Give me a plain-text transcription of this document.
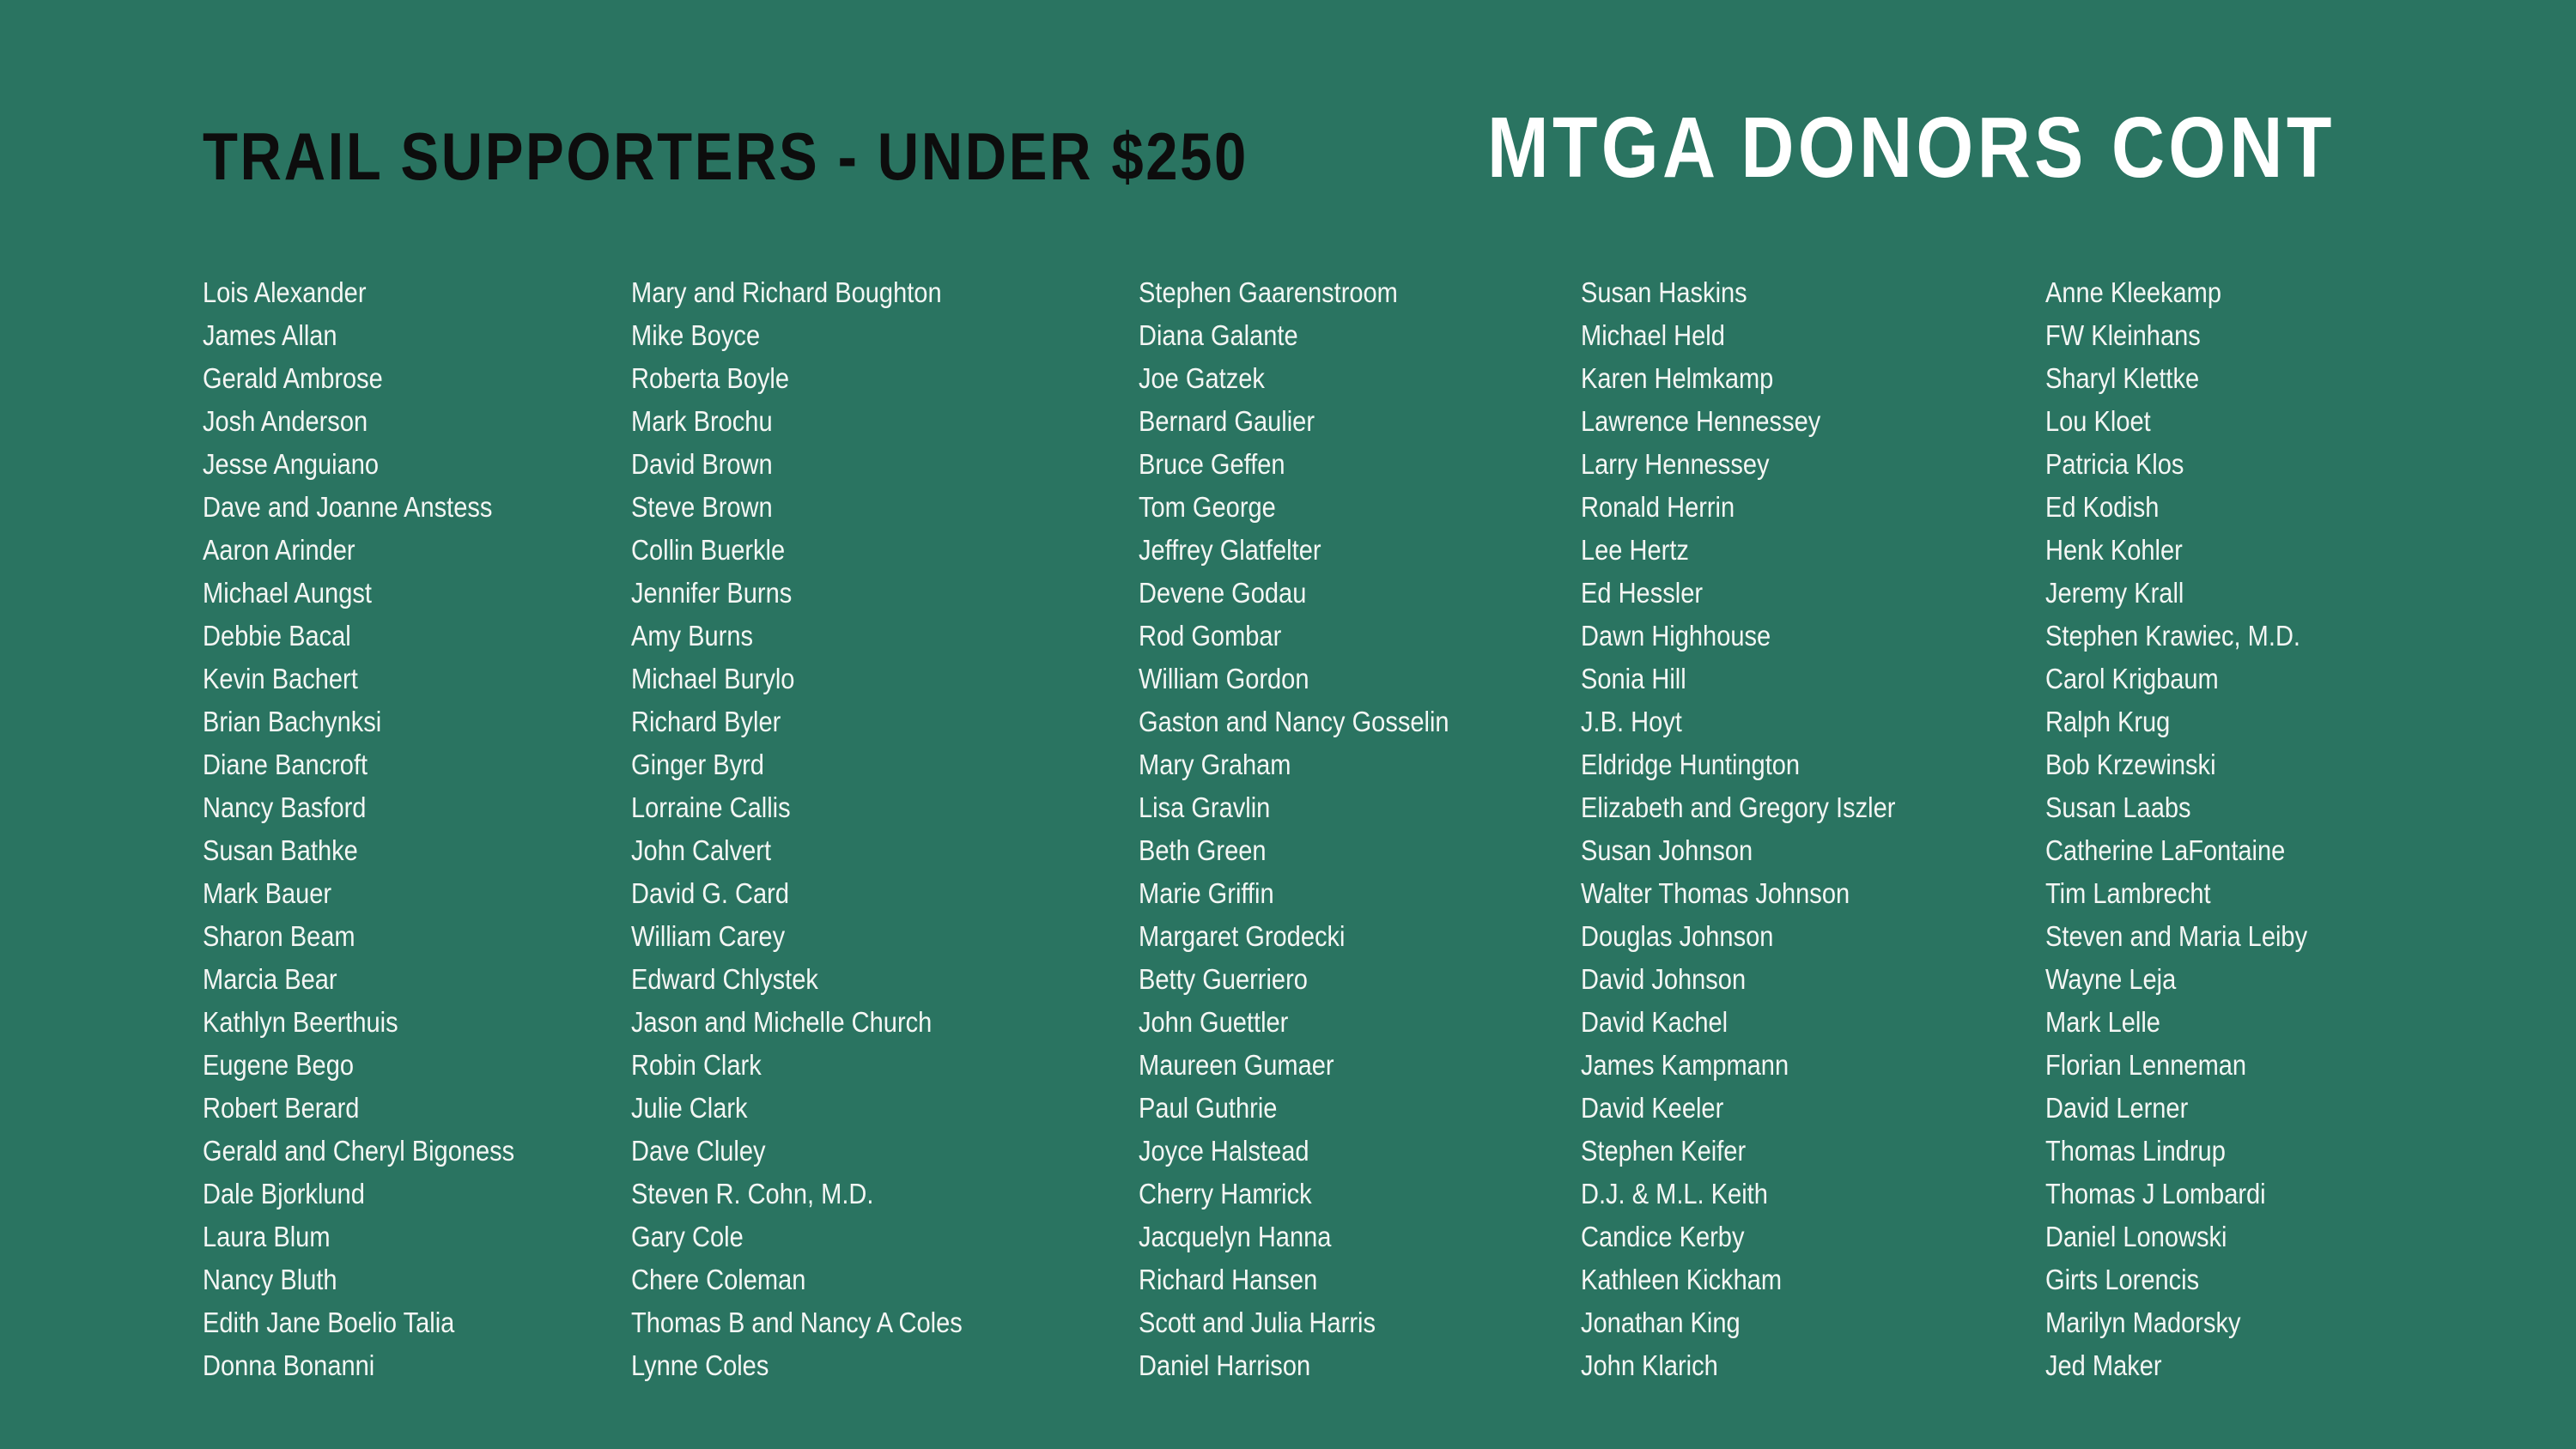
TRAIL SUPPORTERS - UNDER $250	MTGA DONORS CONT
Lois Alexander
James Allan
Gerald Ambrose
Josh Anderson
Jesse Anguiano
Dave and Joanne Anstess
Aaron Arinder
Michael Aungst
Debbie Bacal
Kevin Bachert
Brian Bachynksi
Diane Bancroft
Nancy Basford
Susan Bathke
Mark Bauer
Sharon Beam
Marcia Bear
Kathlyn Beerthuis
Eugene Bego
Robert Berard
Gerald and Cheryl Bigoness
Dale Bjorklund
Laura Blum
Nancy Bluth
Edith Jane Boelio Talia
Donna Bonanni
Mary and Richard Boughton
Mike Boyce
Roberta Boyle
Mark Brochu
David Brown
Steve Brown
Collin Buerkle
Jennifer Burns
Amy Burns
Michael Burylo
Richard Byler
Ginger Byrd
Lorraine Callis
John Calvert
David G. Card
William Carey
Edward Chlystek
Jason and Michelle Church
Robin Clark
Julie Clark
Dave Cluley
Steven R. Cohn, M.D.
Gary Cole
Chere Coleman
Thomas B and Nancy A Coles
Lynne Coles
Stephen Gaarenstroom
Diana Galante
Joe Gatzek
Bernard Gaulier
Bruce Geffen
Tom George
Jeffrey Glatfelter
Devene Godau
Rod Gombar
William Gordon
Gaston and Nancy Gosselin
Mary Graham
Lisa Gravlin
Beth Green
Marie Griffin
Margaret Grodecki
Betty Guerriero
John Guettler
Maureen Gumaer
Paul Guthrie
Joyce Halstead
Cherry Hamrick
Jacquelyn Hanna
Richard Hansen
Scott and Julia Harris
Daniel Harrison
Susan Haskins
Michael Held
Karen Helmkamp
Lawrence Hennessey
Larry Hennessey
Ronald Herrin
Lee Hertz
Ed Hessler
Dawn Highhouse
Sonia Hill
J.B. Hoyt
Eldridge Huntington
Elizabeth and Gregory Iszler
Susan Johnson
Walter Thomas Johnson
Douglas Johnson
David Johnson
David Kachel
James Kampmann
David Keeler
Stephen Keifer
D.J. & M.L. Keith
Candice Kerby
Kathleen Kickham
Jonathan King
John Klarich
Anne Kleekamp
FW Kleinhans
Sharyl Klettke
Lou Kloet
Patricia Klos
Ed Kodish
Henk Kohler
Jeremy Krall
Stephen Krawiec, M.D.
Carol Krigbaum
Ralph Krug
Bob Krzewinski
Susan Laabs
Catherine LaFontaine
Tim Lambrecht
Steven and Maria Leiby
Wayne Leja
Mark Lelle
Florian Lenneman
David Lerner
Thomas Lindrup
Thomas J Lombardi
Daniel Lonowski
Girts Lorencis
Marilyn Madorsky
Jed Maker
